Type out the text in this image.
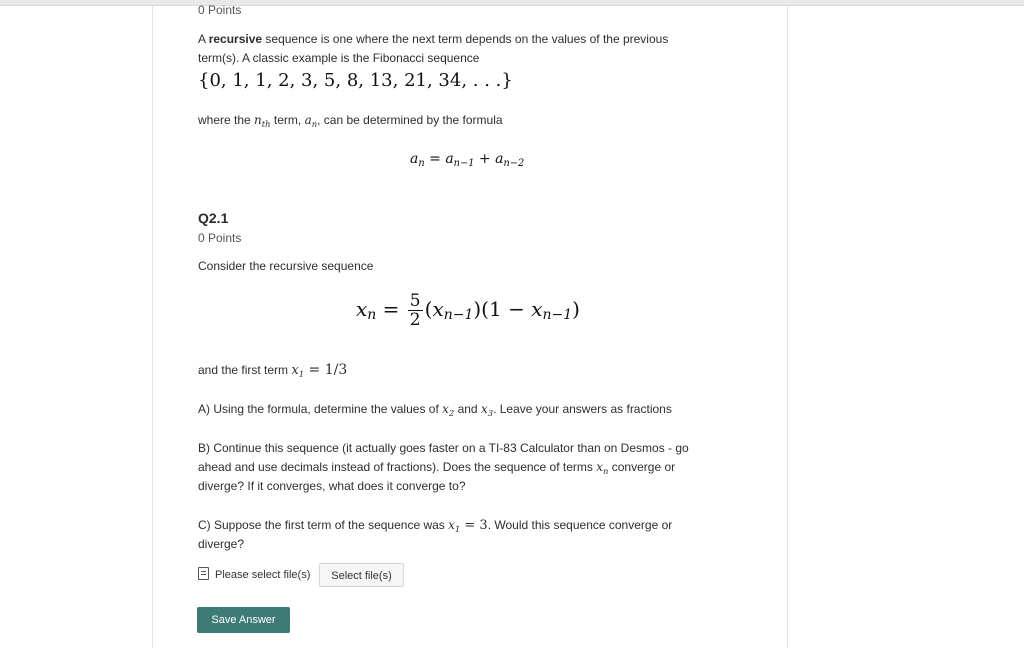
0 Points
A recursive sequence is one where the next term depends on the values of the previous
term(s). A classic example is the Fibonacci sequence
{0, 1, 1, 2, 3, 5, 8, 13, 21, 34, . . .}
where the $n_{th}$ term, $a_n$, can be determined by the formula
$a_n = a_{n-1} + a_{n-2}$
Q2.1
0 Points
Consider the recursive sequence
$x_n = \frac{5}{2} (x_{n-1})(1 - x_{n-1})$
and the first term $x_1 = 1/3$
A) Using the formula, determine the values of $x_2$ and $x_3$. Leave your answers as fractions
B) Continue this sequence (it actually goes faster on a TI-83 Calculator than on Desmos - go
ahead and use decimals instead of fractions). Does the sequence of terms $x_n$ converge or
diverge? If it converges, what does it converge to?
C) Suppose the first term of the sequence was $x_1 = 3$. Would this sequence converge or
diverge?
Please select file(s)	Select file(s)
Save Answer
